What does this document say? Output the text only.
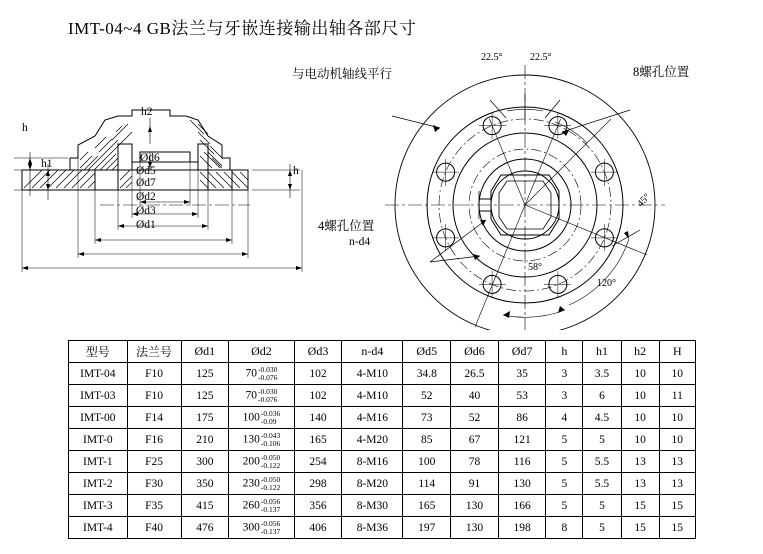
IMT-04~4 GB法兰与牙嵌连接输出轴各部尺寸
与电动机轴线平行	8螺孔位置
4螺孔位置
n-d4
22.5°	22.5°
45°
58°
120°
h2
h
h1
h
Ød6
Ød5
Ød7
Ød2
Ød3
Ød1
型号	法兰号	Ød1	Ød2	Ød3	n-d4	Ød5	Ød6	Ød7	h	h1	h2	H
IMT-04	F10	125	70 -0.030
-0.076	102	4-M10	34.8	26.5	35	3	3.5	10	10
IMT-03	F10	125	70 -0.030
-0.076	102	4-M10	52	40	53	3	6	10	11
IMT-00	F14	175	100 -0.036
-0.09	140	4-M16	73	52	86	4	4.5	10	10
IMT-0	F16	210	130 -0.043
-0.106	165	4-M20	85	67	121	5	5	10	10
IMT-1	F25	300	200 -0.050
-0.122	254	8-M16	100	78	116	5	5.5	13	13
IMT-2	F30	350	230 -0.050
-0.122	298	8-M20	114	91	130	5	5.5	13	13
IMT-3	F35	415	260 -0.056
-0.137	356	8-M30	165	130	166	5	5	15	15
IMT-4	F40	476	300 -0.056
-0.137	406	8-M36	197	130	198	8	5	15	15
